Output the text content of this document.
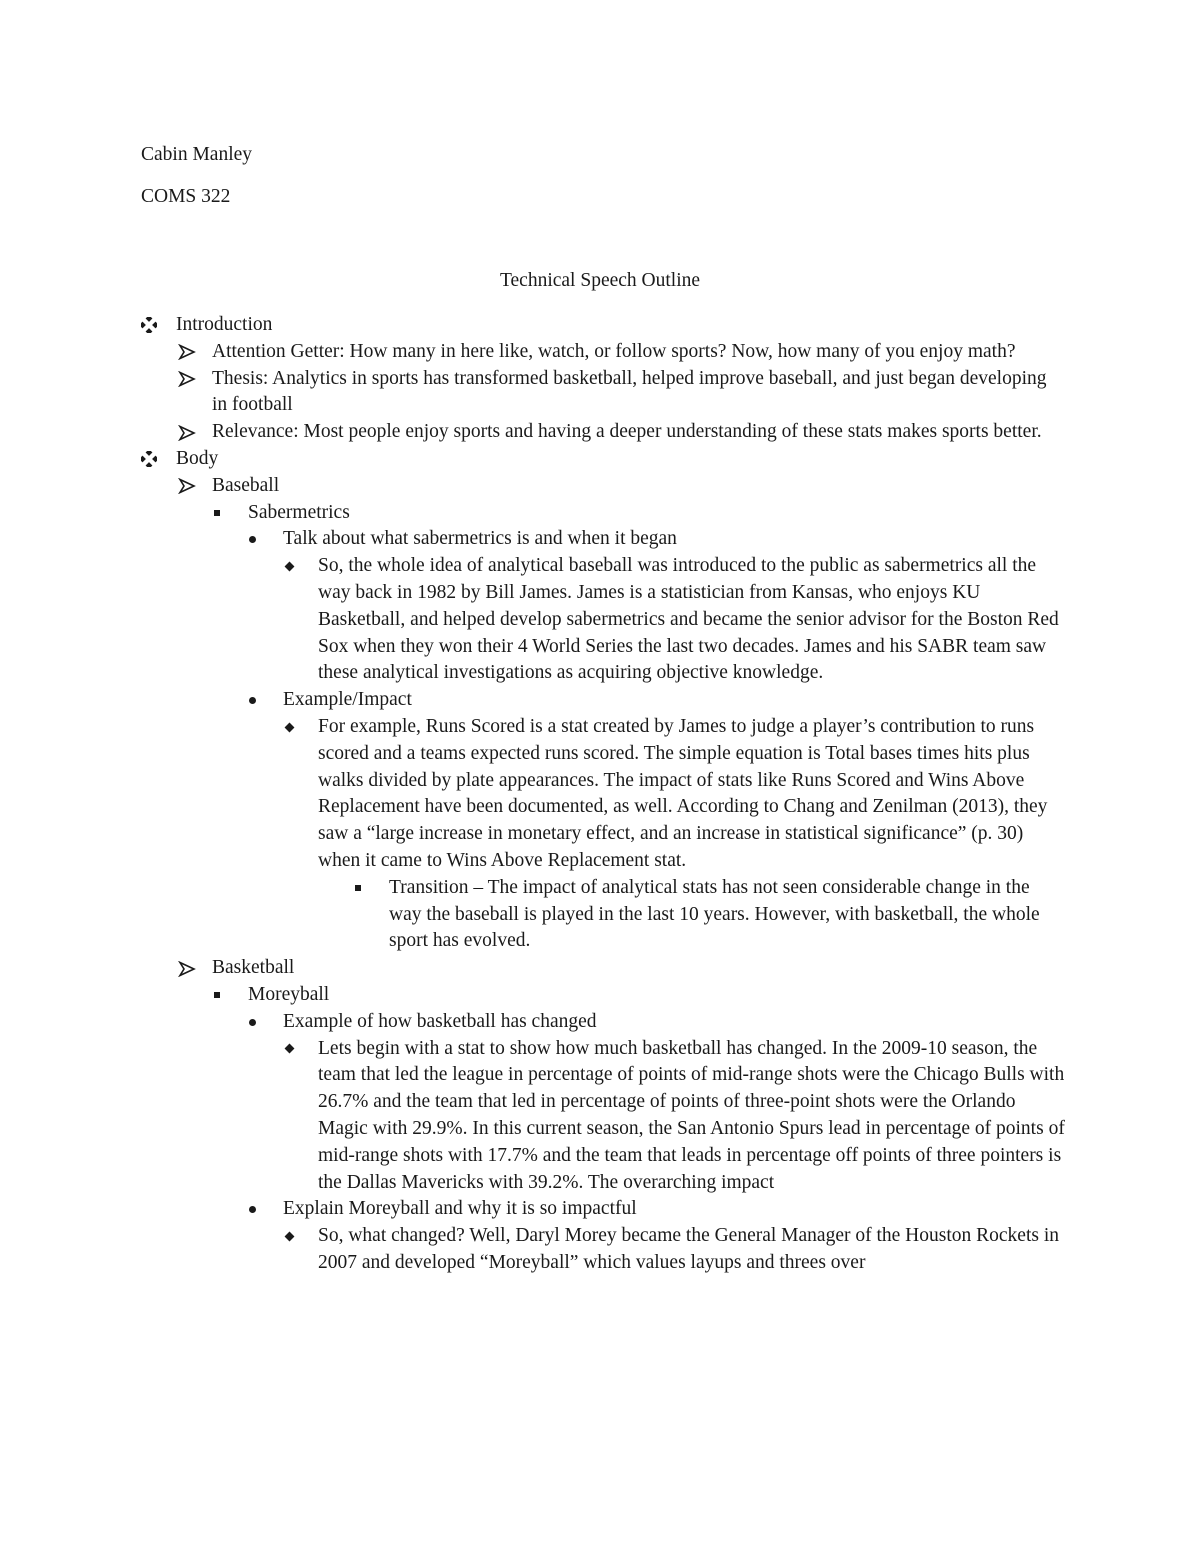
Cabin Manley
COMS 322
Technical Speech Outline
Introduction
Attention Getter: How many in here like, watch, or follow sports? Now, how many of you enjoy math?
Thesis: Analytics in sports has transformed basketball, helped improve baseball, and just began developing in football
Relevance: Most people enjoy sports and having a deeper understanding of these stats makes sports better.
Body
Baseball
Sabermetrics
Talk about what sabermetrics is and when it began
So, the whole idea of analytical baseball was introduced to the public as sabermetrics all the way back in 1982 by Bill James. James is a statistician from Kansas, who enjoys KU Basketball, and helped develop sabermetrics and became the senior advisor for the Boston Red Sox when they won their 4 World Series the last two decades. James and his SABR team saw these analytical investigations as acquiring objective knowledge.
Example/Impact
For example, Runs Scored is a stat created by James to judge a player’s contribution to runs scored and a teams expected runs scored. The simple equation is Total bases times hits plus walks divided by plate appearances. The impact of stats like Runs Scored and Wins Above Replacement have been documented, as well. According to Chang and Zenilman (2013), they saw a “large increase in monetary effect, and an increase in statistical significance” (p. 30) when it came to Wins Above Replacement stat.
Transition – The impact of analytical stats has not seen considerable change in the way the baseball is played in the last 10 years. However, with basketball, the whole sport has evolved.
Basketball
Moreyball
Example of how basketball has changed
Lets begin with a stat to show how much basketball has changed. In the 2009-10 season, the team that led the league in percentage of points of mid-range shots were the Chicago Bulls with 26.7% and the team that led in percentage of points of three-point shots were the Orlando Magic with 29.9%. In this current season, the San Antonio Spurs lead in percentage of points of mid-range shots with 17.7% and the team that leads in percentage off points of three pointers is the Dallas Mavericks with 39.2%. The overarching impact
Explain Moreyball and why it is so impactful
So, what changed? Well, Daryl Morey became the General Manager of the Houston Rockets in 2007 and developed “Moreyball” which values layups and threes over
